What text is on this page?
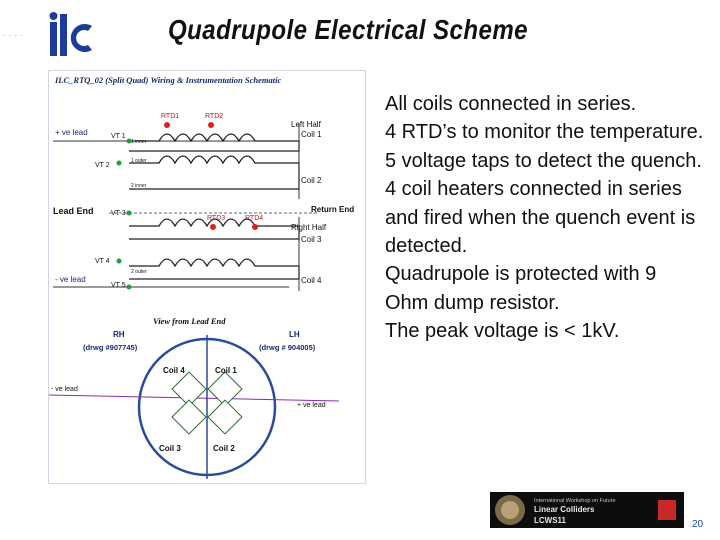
· · · ·	Quadrupole Electrical Scheme
ILC_RTQ_02 (Split Quad) Wiring & Instrumentation Schematic
RTD1	RTD2
RTD3	RTD4
+ ve lead
- ve lead
Lead End	Return End
VT 1
VT 2
VT 3
VT 4
VT 5
Left Half
Coil 1
Coil 2
Right Half
Coil 3
Coil 4
1 inner
1 outer
2 inner
2 outer
View from Lead End
RH	LH
(drwg #907745)	(drwg # 904005)
Coil 4	Coil 1
Coil 3	Coil 2
- ve lead
+ ve lead
All coils connected in series.
4 RTD’s to monitor the temperature.
5 voltage taps to detect the quench.
4 coil heaters connected in series and fired when the quench event is detected.
Quadrupole is protected with 9 Ohm dump resistor.
The peak voltage is < 1kV.
International Workshop on Future
Linear Colliders
LCWS11	20
